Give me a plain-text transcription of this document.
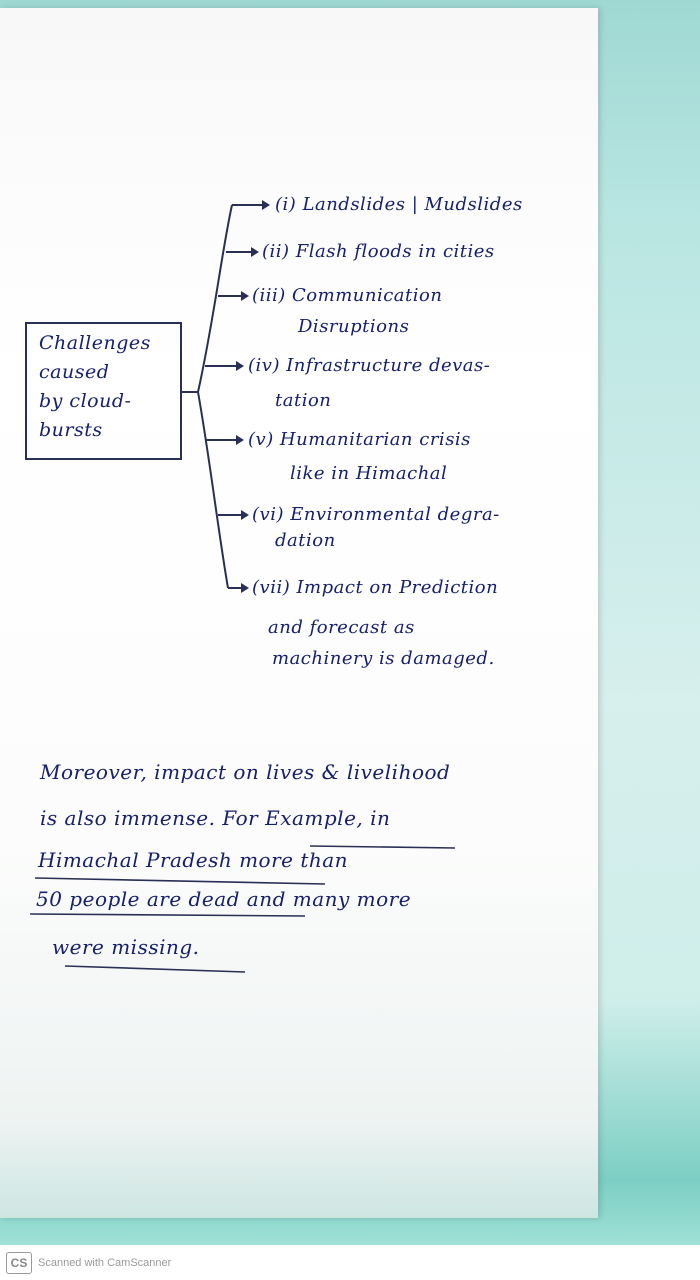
Challenges
caused
by cloud-
bursts
(i) Landslides | Mudslides
(ii) Flash floods in cities
(iii) Communication
Disruptions
(iv) Infrastructure devas-
tation
(v) Humanitarian crisis
like in Himachal
(vi) Environmental degra-
dation
(vii) Impact on Prediction
and forecast as
machinery is damaged.
Moreover, impact on lives & livelihood
is also immense. For Example, in
Himachal Pradesh more than
50 people are dead and many more
were missing.
CS Scanned with CamScanner
